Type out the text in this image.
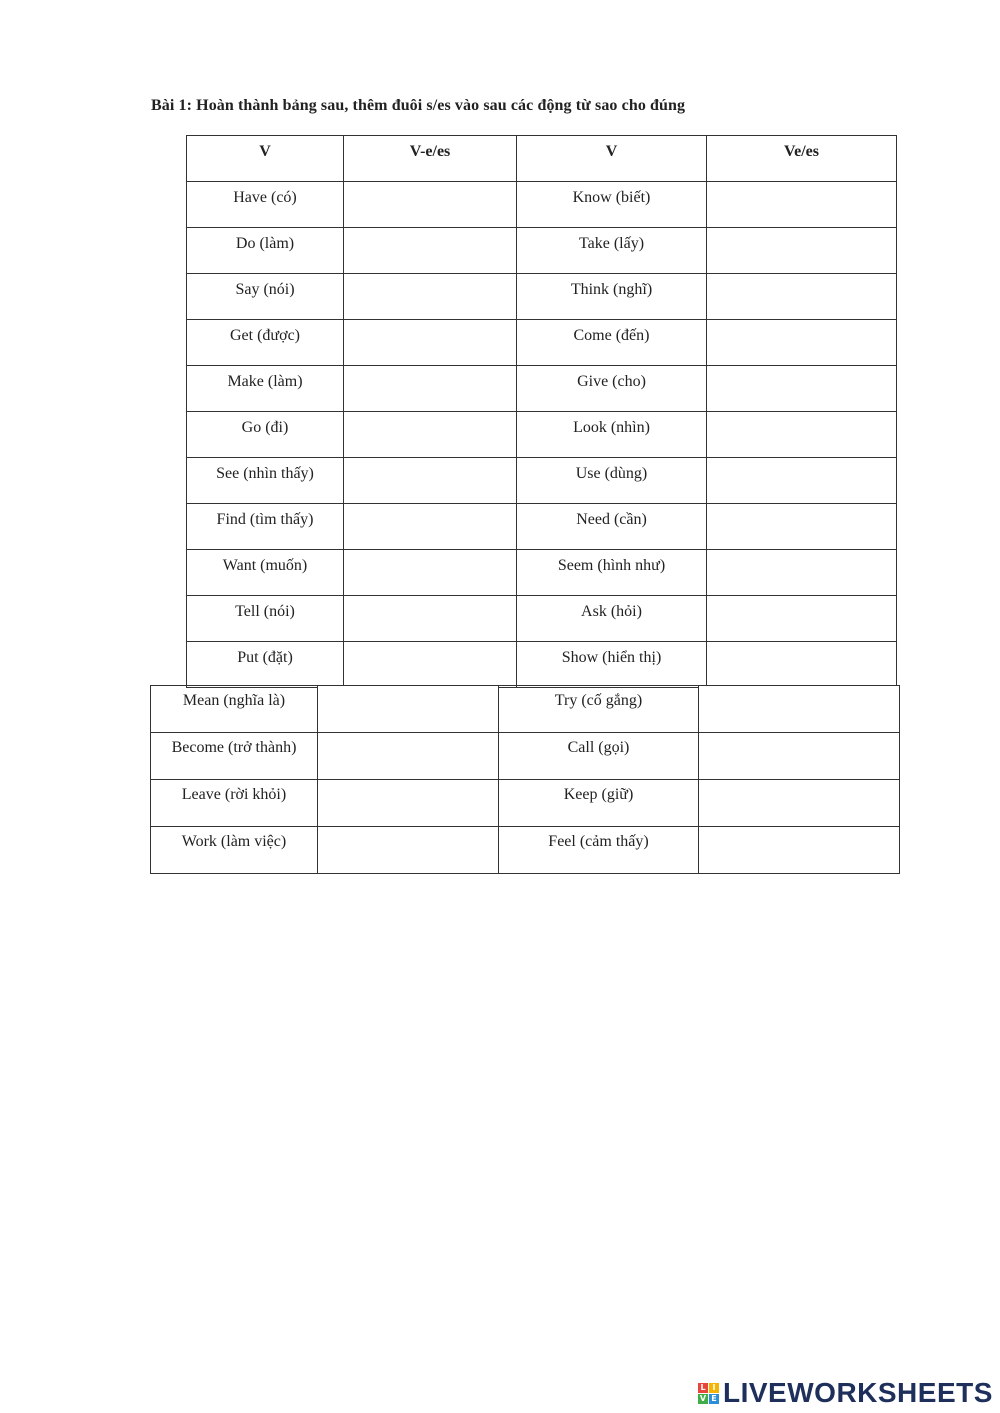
Bài 1: Hoàn thành bảng sau, thêm đuôi s/es vào sau các động từ sao cho đúng
V	V-e/es	V	Ve/es
Have (có)		Know (biết)	
Do (làm)		Take (lấy)	
Say (nói)		Think (nghĩ)	
Get (được)		Come (đến)	
Make (làm)		Give (cho)	
Go (đi)		Look (nhìn)	
See (nhìn thấy)		Use (dùng)	
Find (tìm thấy)		Need (cần)	
Want (muốn)		Seem (hình như)	
Tell (nói)		Ask (hỏi)	
Put (đặt)		Show (hiển thị)	
Mean (nghĩa là)		Try (cố gắng)	
Become (trở thành)		Call (gọi)	
Leave (rời khỏi)		Keep (giữ)	
Work (làm việc)		Feel (cảm thấy)	
L I
V E LIVEWORKSHEETS
